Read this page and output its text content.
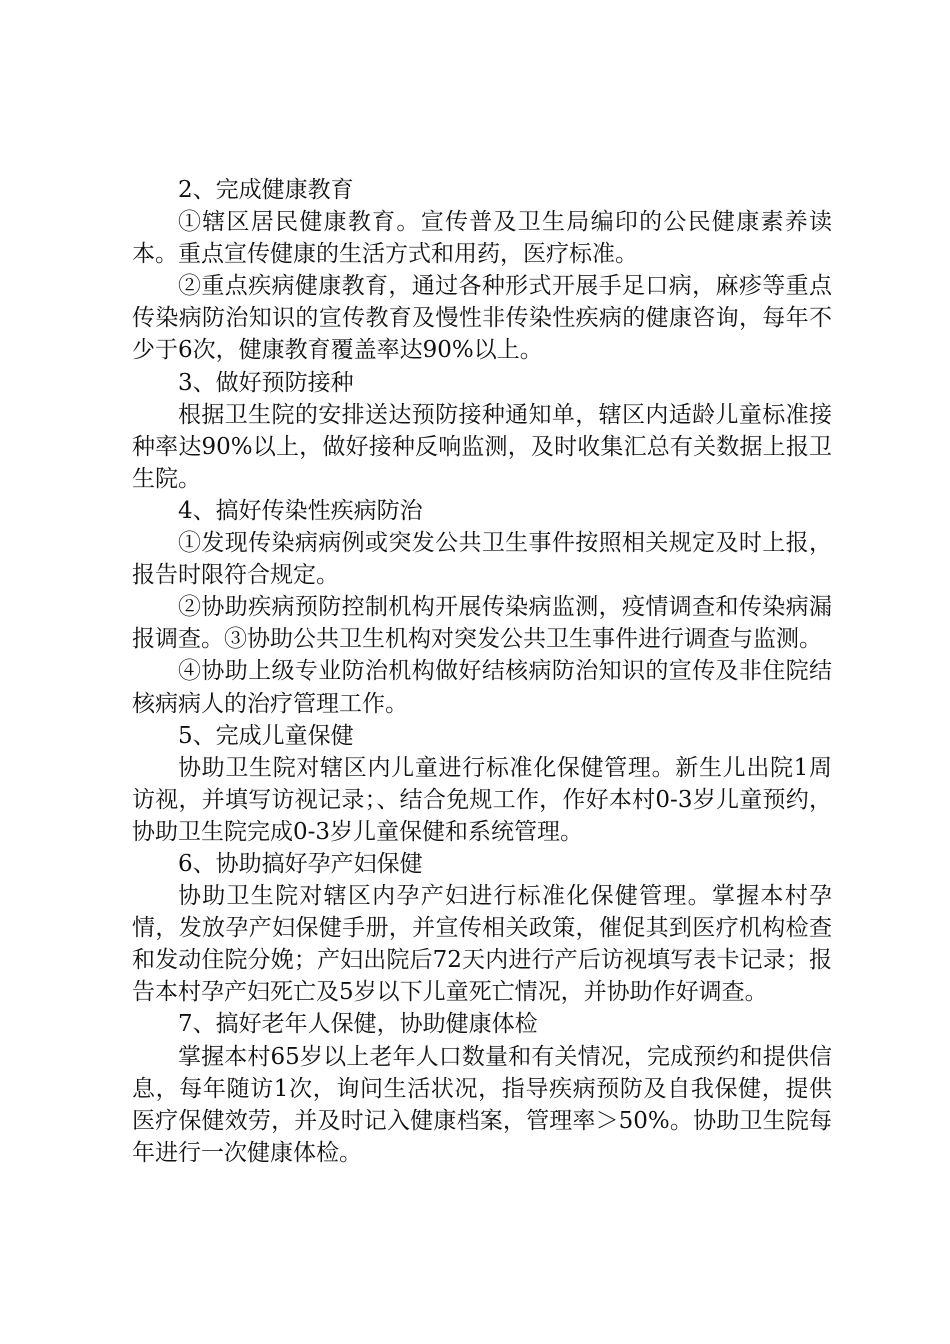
2、完成健康教育

①辖区居民健康教育。宣传普及卫生局编印的公民健康素养读本。重点宣传健康的生活方式和用药，医疗标准。

②重点疾病健康教育，通过各种形式开展手足口病，麻疹等重点传染病防治知识的宣传教育及慢性非传染性疾病的健康咨询，每年不少于6次，健康教育覆盖率达90%以上。

3、做好预防接种

根据卫生院的安排送达预防接种通知单，辖区内适龄儿童标准接种率达90%以上，做好接种反响监测，及时收集汇总有关数据上报卫生院。

4、搞好传染性疾病防治

①发现传染病病例或突发公共卫生事件按照相关规定及时上报，报告时限符合规定。

②协助疾病预防控制机构开展传染病监测，疫情调查和传染病漏报调查。③协助公共卫生机构对突发公共卫生事件进行调查与监测。

④协助上级专业防治机构做好结核病防治知识的宣传及非住院结核病病人的治疗管理工作。

5、完成儿童保健

协助卫生院对辖区内儿童进行标准化保健管理。新生儿出院1周访视，并填写访视记录；、结合免规工作，作好本村0-3岁儿童预约，协助卫生院完成0-3岁儿童保健和系统管理。

6、协助搞好孕产妇保健

协助卫生院对辖区内孕产妇进行标准化保健管理。掌握本村孕情，发放孕产妇保健手册，并宣传相关政策，催促其到医疗机构检查和发动住院分娩；产妇出院后72天内进行产后访视填写表卡记录；报告本村孕产妇死亡及5岁以下儿童死亡情况，并协助作好调查。

7、搞好老年人保健，协助健康体检

掌握本村65岁以上老年人口数量和有关情况，完成预约和提供信息，每年随访1次，询问生活状况，指导疾病预防及自我保健，提供医疗保健效劳，并及时记入健康档案，管理率＞50%。协助卫生院每年进行一次健康体检。
